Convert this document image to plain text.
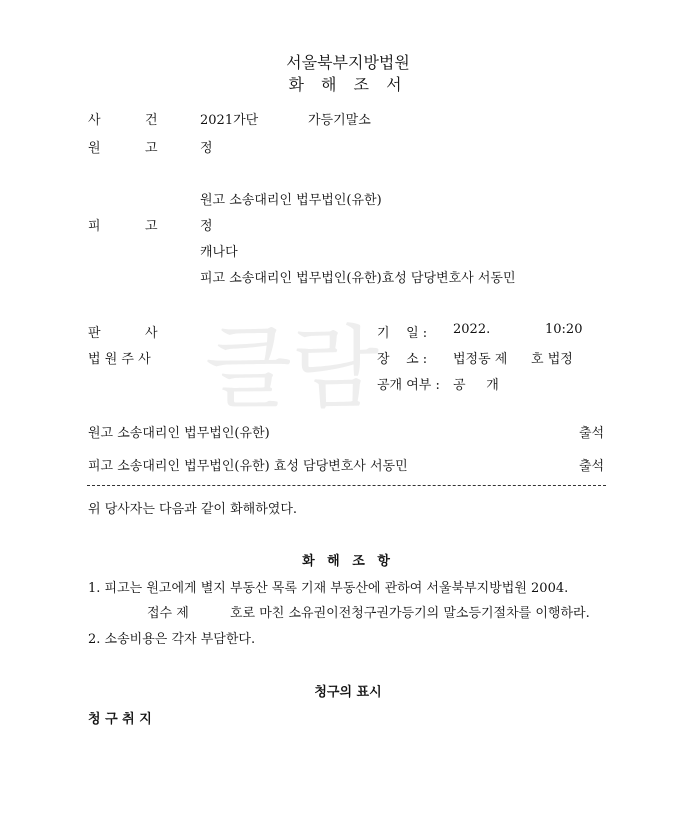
클람
서울북부지방법원
화 해 조 서
사	건	2021가단	가등기말소
원	고	정
원고 소송대리인 법무법인(유한)
피	고	정
캐나다
피고 소송대리인 법무법인(유한)효성 담당변호사 서동민
판	사
법 원 주 사
기    일 : 2022.	10:20
장    소 : 법정동 제 호 법정
공개 여부 : 공     개
원고 소송대리인 법무법인(유한)	출석
피고 소송대리인 법무법인(유한) 효성 담당변호사 서동민	출석
위 당사자는 다음과 같이 화해하였다.
화 해 조 항
1. 피고는 원고에게 별지 부동산 목록 기재 부동산에 관하여 서울북부지방법원 2004.
접수 제	호로 마친 소유권이전청구권가등기의 말소등기절차를 이행하라.
2. 소송비용은 각자 부담한다.
청구의 표시
청 구 취 지
